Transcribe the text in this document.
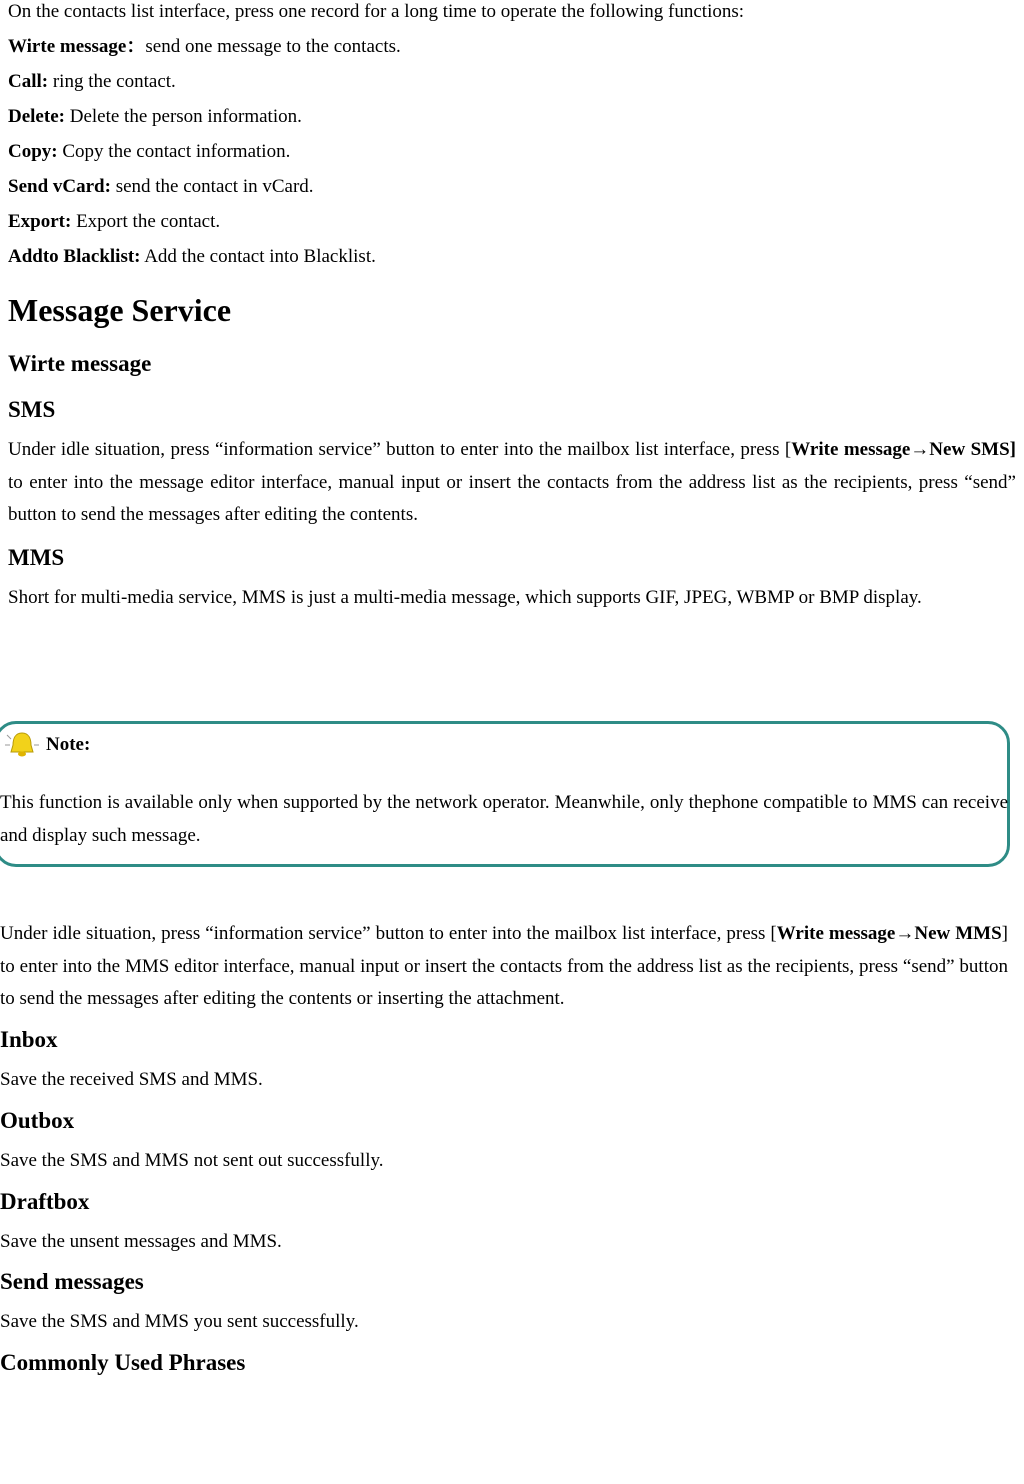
On the contacts list interface, press one record for a long time to operate the following functions:
Wirte message：send one message to the contacts.
Call: ring the contact.
Delete: Delete the person information.
Copy: Copy the contact information.
Send vCard: send the contact in vCard.
Export: Export the contact.
Addto Blacklist: Add the contact into Blacklist.
Message Service
Wirte message
SMS
Under idle situation, press “information service” button to enter into the mailbox list interface, press [Write message→New SMS] to enter into the message editor interface, manual input or insert the contacts from the address list as the recipients, press “send” button to send the messages after editing the contents.
MMS
Short for multi-media service, MMS is just a multi-media message, which supports GIF, JPEG, WBMP or BMP display.
Note:
This function is available only when supported by the network operator. Meanwhile, only thephone compatible to MMS can receive and display such message.
Under idle situation, press “information service” button to enter into the mailbox list interface, press [Write message→New MMS] to enter into the MMS editor interface, manual input or insert the contacts from the address list as the recipients, press “send” button to send the messages after editing the contents or inserting the attachment.
Inbox
Save the received SMS and MMS.
Outbox
Save the SMS and MMS not sent out successfully.
Draftbox
Save the unsent messages and MMS.
Send messages
Save the SMS and MMS you sent successfully.
Commonly Used Phrases
